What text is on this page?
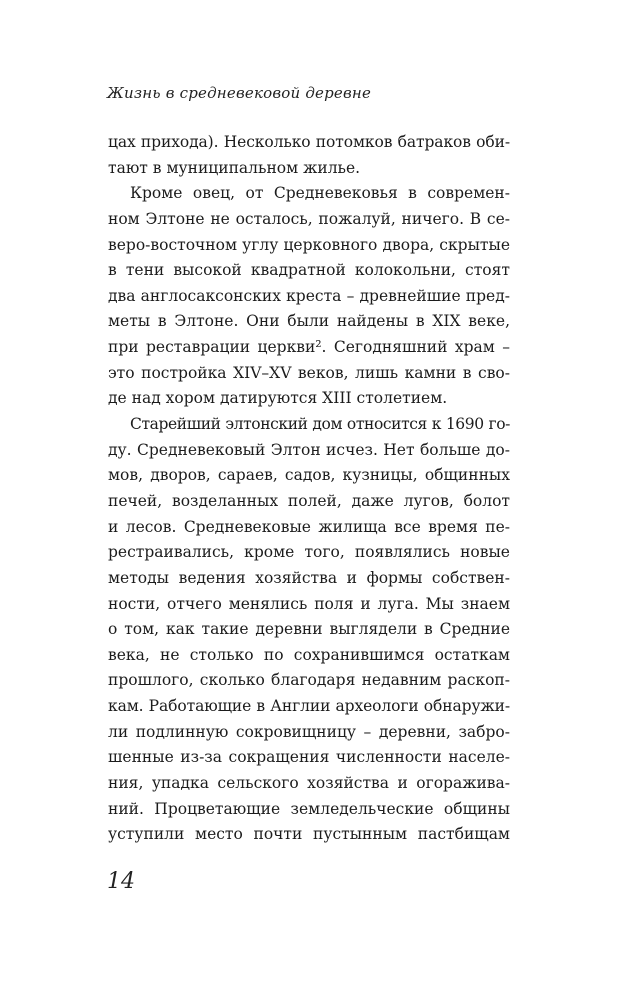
Жизнь в средневековой деревне
цах прихода). Несколько потомков батраков оби-
тают в муниципальном жилье.
Кроме овец, от Средневековья в современ-
ном Элтоне не осталось, пожалуй, ничего. В се-
веро-восточном углу церковного двора, скрытые
в тени высокой квадратной колокольни, стоят
два англосаксонских креста – древнейшие пред-
меты в Элтоне. Они были найдены в XIX веке,
при реставрации церкви². Сегодняшний храм –
это постройка XIV–XV веков, лишь камни в сво-
де над хором датируются XIII столетием.
Старейший элтонский дом относится к 1690 го-
ду. Средневековый Элтон исчез. Нет больше до-
мов, дворов, сараев, садов, кузницы, общинных
печей, возделанных полей, даже лугов, болот
и лесов. Средневековые жилища все время пе-
рестраивались, кроме того, появлялись новые
методы ведения хозяйства и формы собствен-
ности, отчего менялись поля и луга. Мы знаем
о том, как такие деревни выглядели в Средние
века, не столько по сохранившимся остаткам
прошлого, сколько благодаря недавним раскоп-
кам. Работающие в Англии археологи обнаружи-
ли подлинную сокровищницу – деревни, забро-
шенные из-за сокращения численности населе-
ния, упадка сельского хозяйства и огоражива-
ний. Процветающие земледельческие общины
уступили место почти пустынным пастбищам
14
